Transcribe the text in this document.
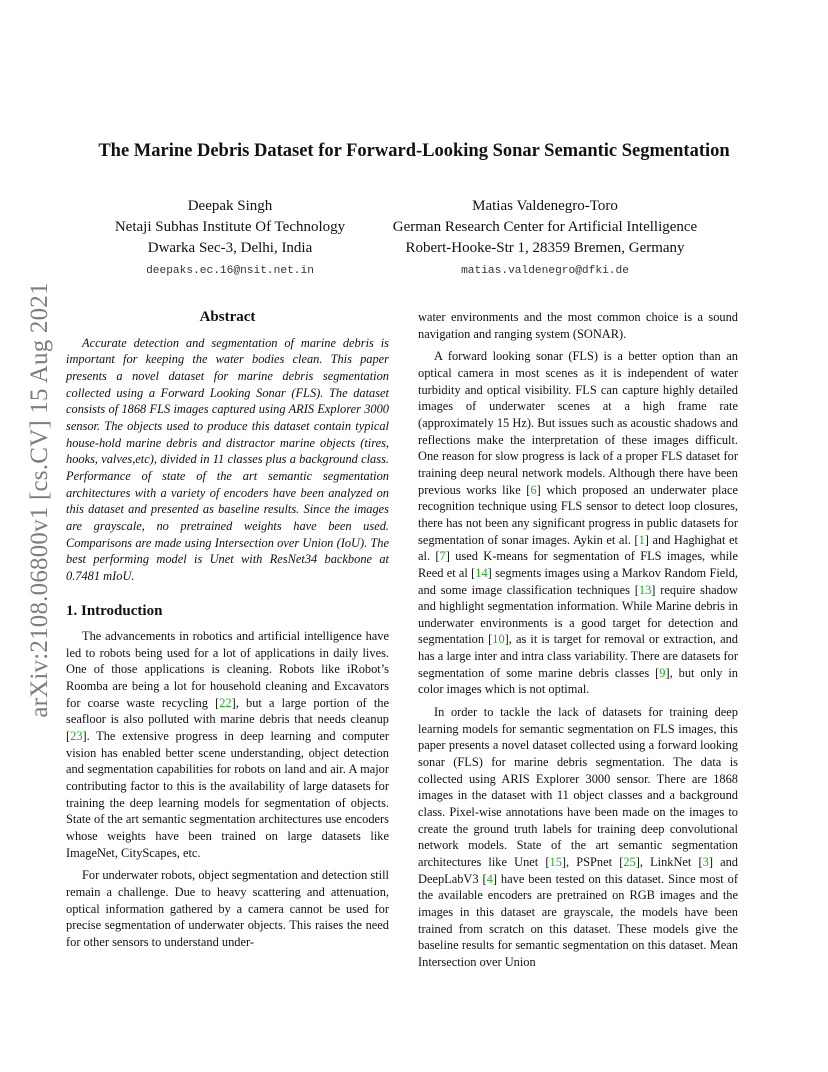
arXiv:2108.06800v1 [cs.CV] 15 Aug 2021
The Marine Debris Dataset for Forward-Looking Sonar Semantic Segmentation
Deepak Singh
Netaji Subhas Institute Of Technology
Dwarka Sec-3, Delhi, India
deepaks.ec.16@nsit.net.in
Matias Valdenegro-Toro
German Research Center for Artificial Intelligence
Robert-Hooke-Str 1, 28359 Bremen, Germany
matias.valdenegro@dfki.de
Abstract

Accurate detection and segmentation of marine debris is important for keeping the water bodies clean. This paper presents a novel dataset for marine debris segmentation collected using a Forward Looking Sonar (FLS). The dataset consists of 1868 FLS images captured using ARIS Explorer 3000 sensor. The objects used to produce this dataset contain typical house-hold marine debris and distractor marine objects (tires, hooks, valves,etc), divided in 11 classes plus a background class. Performance of state of the art semantic segmentation architectures with a variety of encoders have been analyzed on this dataset and presented as baseline results. Since the images are grayscale, no pretrained weights have been used. Comparisons are made using Intersection over Union (IoU). The best performing model is Unet with ResNet34 backbone at 0.7481 mIoU.

1. Introduction

The advancements in robotics and artificial intelligence have led to robots being used for a lot of applications in daily lives. One of those applications is cleaning. Robots like iRobot’s Roomba are being a lot for household cleaning and Excavators for coarse waste recycling [22], but a large portion of the seafloor is also polluted with marine debris that needs cleanup [23]. The extensive progress in deep learning and computer vision has enabled better scene understanding, object detection and segmentation capabilities for robots on land and air. A major contributing factor to this is the availability of large datasets for training the deep learning models for segmentation of objects. State of the art semantic segmentation architectures use encoders whose weights have been trained on large datasets like ImageNet, CityScapes, etc.

For underwater robots, object segmentation and detection still remain a challenge. Due to heavy scattering and attenuation, optical information gathered by a camera cannot be used for precise segmentation of underwater objects. This raises the need for other sensors to understand under-

water environments and the most common choice is a sound navigation and ranging system (SONAR).

A forward looking sonar (FLS) is a better option than an optical camera in most scenes as it is independent of water turbidity and optical visibility. FLS can capture highly detailed images of underwater scenes at a high frame rate (approximately 15 Hz). But issues such as acoustic shadows and reflections make the interpretation of these images difficult. One reason for slow progress is lack of a proper FLS dataset for training deep neural network models. Although there have been previous works like [6] which proposed an underwater place recognition technique using FLS sensor to detect loop closures, there has not been any significant progress in public datasets for segmentation of sonar images. Aykin et al. [1] and Haghighat et al. [7] used K-means for segmentation of FLS images, while Reed et al [14] segments images using a Markov Random Field, and some image classification techniques [13] require shadow and highlight segmentation information. While Marine debris in underwater environments is a good target for detection and segmentation [10], as it is target for removal or extraction, and has a large inter and intra class variability. There are datasets for segmentation of some marine debris classes [9], but only in color images which is not optimal.

In order to tackle the lack of datasets for training deep learning models for semantic segmentation on FLS images, this paper presents a novel dataset collected using a forward looking sonar (FLS) for marine debris segmentation. The data is collected using ARIS Explorer 3000 sensor. There are 1868 images in the dataset with 11 object classes and a background class. Pixel-wise annotations have been made on the images to create the ground truth labels for training deep convolutional network models. State of the art semantic segmentation architectures like Unet [15], PSPnet [25], LinkNet [3] and DeepLabV3 [4] have been tested on this dataset. Since most of the available encoders are pretrained on RGB images and the images in this dataset are grayscale, the models have been trained from scratch on this dataset. These models give the baseline results for semantic segmentation on this dataset. Mean Intersection over Union
